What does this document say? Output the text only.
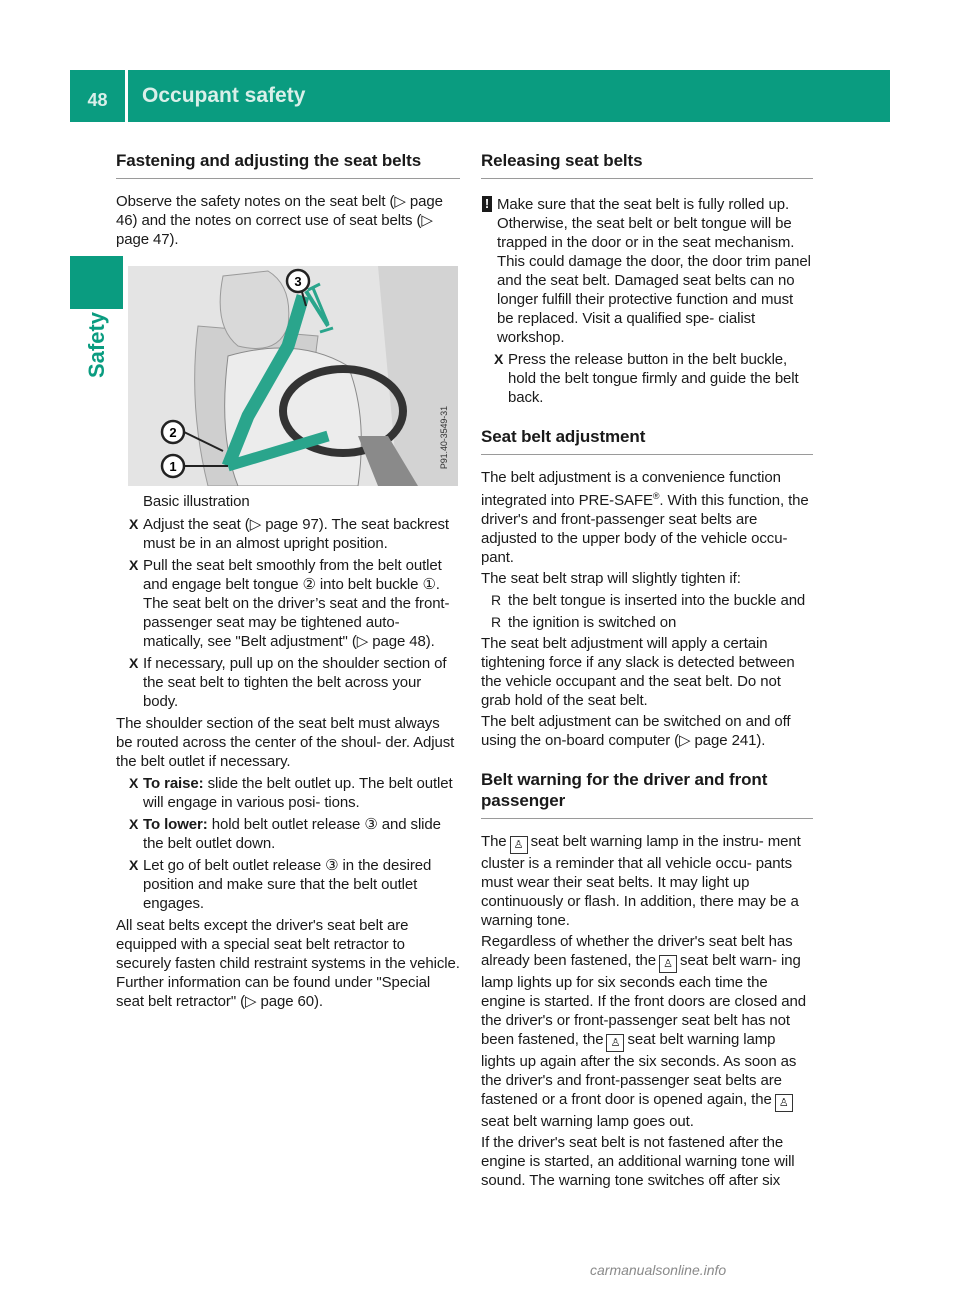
48	Occupant safety
Safety
Fastening and adjusting the seat belts

Observe the safety notes on the seat belt (▷ page 46) and the notes on correct use of seat belts (▷ page 47).

3
2
1	P91.40-3549-31

Basic illustration

X Adjust the seat (▷ page 97). The seat backrest must be in an almost upright position.
X Pull the seat belt smoothly from the belt outlet and engage belt tongue ② into belt buckle ①. The seat belt on the driver’s seat and the front-passenger seat may be tightened auto- matically, see "Belt adjustment" (▷ page 48).
X If necessary, pull up on the shoulder section of the seat belt to tighten the belt across your body.

The shoulder section of the seat belt must always be routed across the center of the shoul- der. Adjust the belt outlet if necessary.

X To raise: slide the belt outlet up. The belt outlet will engage in various posi- tions.
X To lower: hold belt outlet release ③ and slide the belt outlet down.
X Let go of belt outlet release ③ in the desired position and make sure that the belt outlet engages.

All seat belts except the driver's seat belt are equipped with a special seat belt retractor to securely fasten child restraint systems in the vehicle. Further information can be found under "Special seat belt retractor" (▷ page 60).

Releasing seat belts
! Make sure that the seat belt is fully rolled up. Otherwise, the seat belt or belt tongue will be trapped in the door or in the seat mechanism. This could damage the door, the door trim panel and the seat belt. Damaged seat belts can no longer fulfill their protective function and must be replaced. Visit a qualified spe- cialist workshop.
X Press the release button in the belt buckle, hold the belt tongue firmly and guide the belt back.
Seat belt adjustment

The belt adjustment is a convenience function integrated into PRE-SAFE®. With this function, the driver's and front-passenger seat belts are adjusted to the upper body of the vehicle occu- pant.

The seat belt strap will slightly tighten if:

R the belt tongue is inserted into the buckle and
R the ignition is switched on

The seat belt adjustment will apply a certain tightening force if any slack is detected between the vehicle occupant and the seat belt. Do not grab hold of the seat belt.

The belt adjustment can be switched on and off using the on-board computer (▷ page 241).

Belt warning for the driver and front passenger

The ♙ seat belt warning lamp in the instru- ment cluster is a reminder that all vehicle occu- pants must wear their seat belts. It may light up continuously or flash. In addition, there may be a warning tone.

Regardless of whether the driver's seat belt has already been fastened, the ♙ seat belt warn- ing lamp lights up for six seconds each time the engine is started. If the front doors are closed and the driver's or front-passenger seat belt has not been fastened, the ♙ seat belt warning lamp lights up again after the six seconds. As soon as the driver's and front-passenger seat belts are fastened or a front door is opened again, the ♙seat belt warning lamp goes out.

If the driver's seat belt is not fastened after the engine is started, an additional warning tone will sound. The warning tone switches off after six

carmanualsonline.info
